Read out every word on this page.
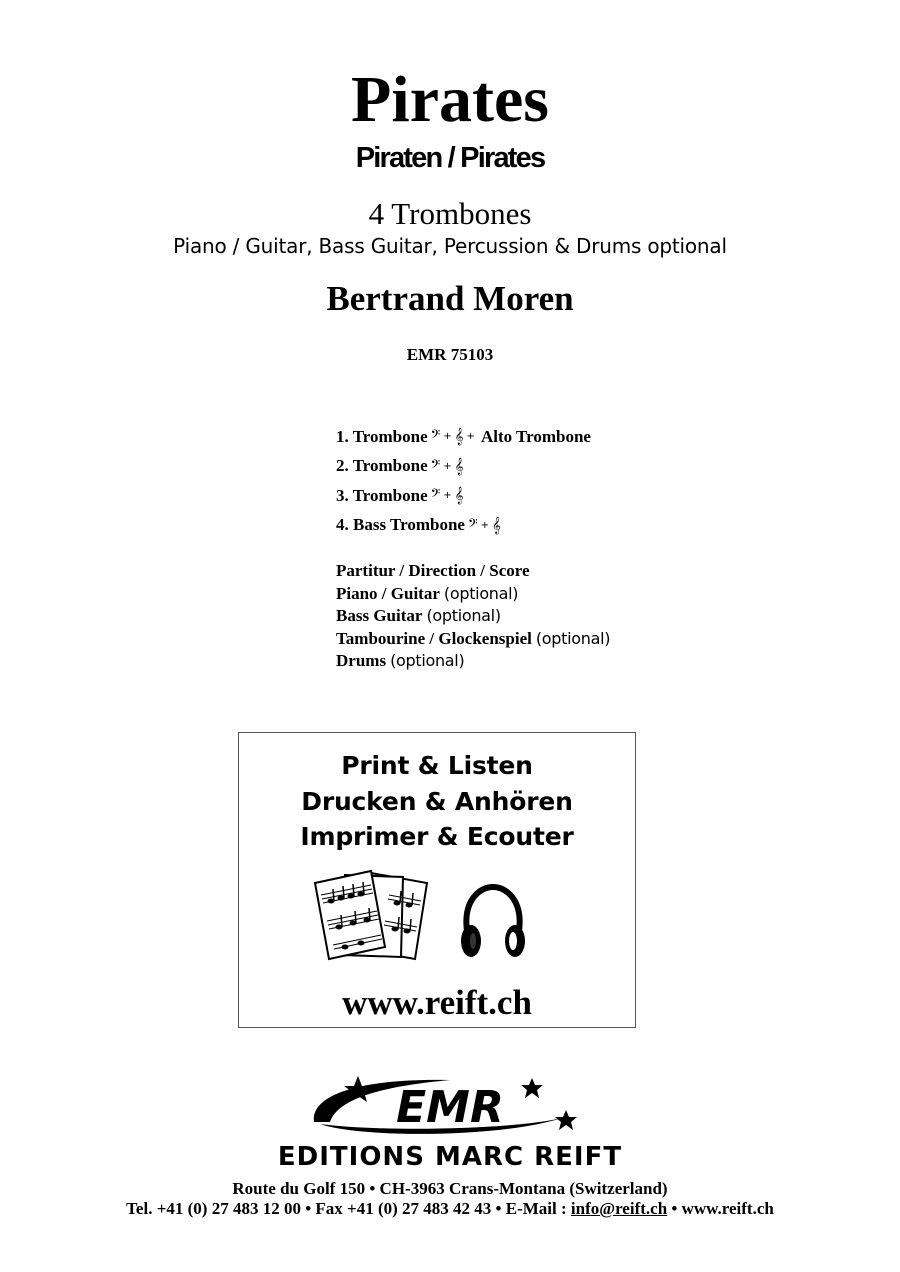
Pirates
Piraten / Pirates
4 Trombones
Piano / Guitar, Bass Guitar, Percussion & Drums optional
Bertrand Moren
EMR 75103
1. Trombone 𝄢 + 𝄞 + Alto Trombone
2. Trombone 𝄢 + 𝄞
3. Trombone 𝄢 + 𝄞
4. Bass Trombone 𝄢 + 𝄞
Partitur / Direction / Score
Piano / Guitar (optional)
Bass Guitar (optional)
Tambourine / Glockenspiel (optional)
Drums (optional)
Print & Listen
Drucken & Anhören
Imprimer & Ecouter
www.reift.ch
EMR
EDITIONS MARC REIFT
Route du Golf 150 • CH-3963 Crans-Montana (Switzerland)
Tel. +41 (0) 27 483 12 00 • Fax +41 (0) 27 483 42 43 • E-Mail : info@reift.ch • www.reift.ch
